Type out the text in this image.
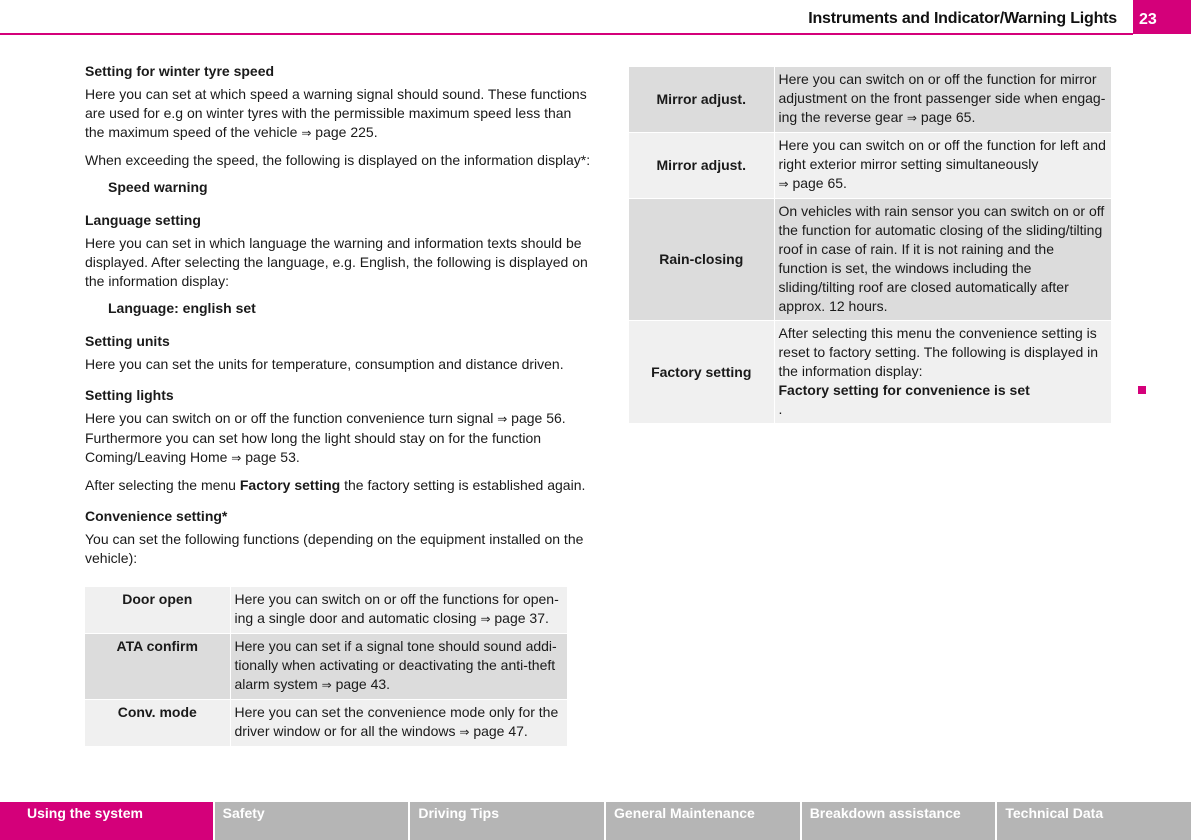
Instruments and Indicator/Warning Lights	23
Setting for winter tyre speed

Here you can set at which speed a warning signal should sound. These functions are used for e.g on winter tyres with the permissible maximum speed less than the maximum speed of the vehicle ⇒ page 225.

When exceeding the speed, the following is displayed on the information display*:

Speed warning

Language setting

Here you can set in which language the warning and information texts should be displayed. After selecting the language, e.g. English, the following is displayed on the information display:

Language: english set

Setting units

Here you can set the units for temperature, consumption and distance driven.

Setting lights

Here you can switch on or off the function convenience turn signal ⇒ page 56. Furthermore you can set how long the light should stay on for the function Coming/Leaving Home ⇒ page 53.

After selecting the menu Factory setting the factory setting is established again.

Convenience setting*

You can set the following functions (depending on the equipment installed on the vehicle):

Door open	Here you can switch on or off the functions for open-ing a single door and automatic closing ⇒ page 37.
ATA confirm	Here you can set if a signal tone should sound addi-tionally when activating or deactivating the anti-theft alarm system ⇒ page 43.
Conv. mode	Here you can set the convenience mode only for the driver window or for all the windows ⇒ page 47.
Mirror adjust.	Here you can switch on or off the function for mirror adjustment on the front passenger side when engag-ing the reverse gear ⇒ page 65.
Mirror adjust.	Here you can switch on or off the function for left and right exterior mirror setting simultaneously
⇒ page 65.
Rain-closing	On vehicles with rain sensor you can switch on or off the function for automatic closing of the sliding/tilting roof in case of rain. If it is not raining and the function is set, the windows including the sliding/tilting roof are closed automatically after approx. 12 hours.
Factory setting	After selecting this menu the convenience setting is reset to factory setting. The following is displayed in the information display:
Factory setting for convenience is set
.
Using the system	Safety	Driving Tips	General Maintenance	Breakdown assistance	Technical Data
